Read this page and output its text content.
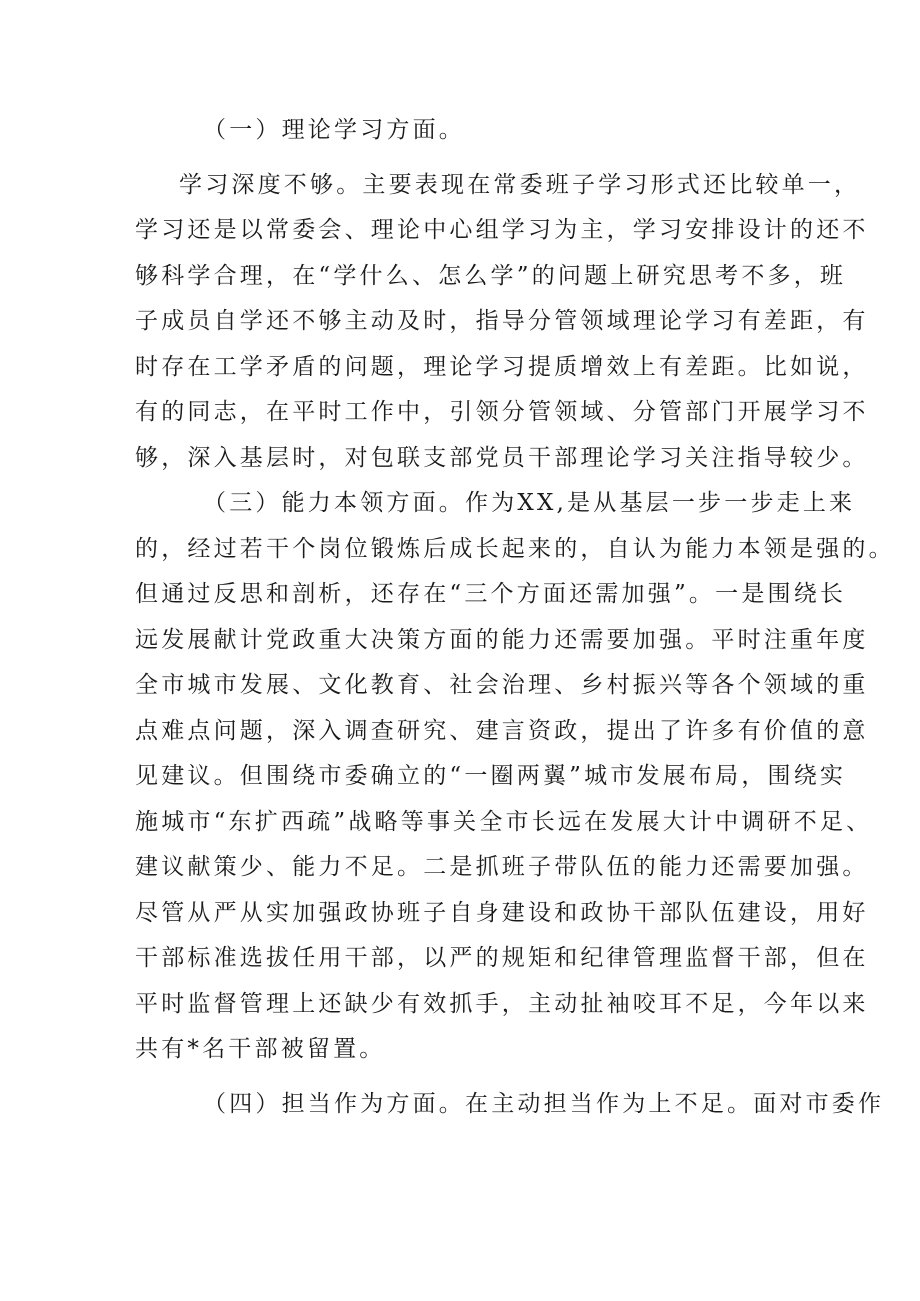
（一）理论学习方面。
学习深度不够。主要表现在常委班子学习形式还比较单一，
学习还是以常委会、理论中心组学习为主，学习安排设计的还不
够科学合理，在“学什么、怎么学”的问题上研究思考不多，班
子成员自学还不够主动及时，指导分管领域理论学习有差距，有
时存在工学矛盾的问题，理论学习提质增效上有差距。比如说，
有的同志，在平时工作中，引领分管领域、分管部门开展学习不
够，深入基层时，对包联支部党员干部理论学习关注指导较少。
（三）能力本领方面。作为XX,是从基层一步一步走上来
的，经过若干个岗位锻炼后成长起来的，自认为能力本领是强的。
但通过反思和剖析，还存在“三个方面还需加强”。一是围绕长
远发展献计党政重大决策方面的能力还需要加强。平时注重年度
全市城市发展、文化教育、社会治理、乡村振兴等各个领域的重
点难点问题，深入调查研究、建言资政，提出了许多有价值的意
见建议。但围绕市委确立的“一圈两翼”城市发展布局，围绕实
施城市“东扩西疏”战略等事关全市长远在发展大计中调研不足、
建议献策少、能力不足。二是抓班子带队伍的能力还需要加强。
尽管从严从实加强政协班子自身建设和政协干部队伍建设，用好
干部标准选拔任用干部，以严的规矩和纪律管理监督干部，但在
平时监督管理上还缺少有效抓手，主动扯袖咬耳不足，今年以来
共有*名干部被留置。
（四）担当作为方面。在主动担当作为上不足。面对市委作
